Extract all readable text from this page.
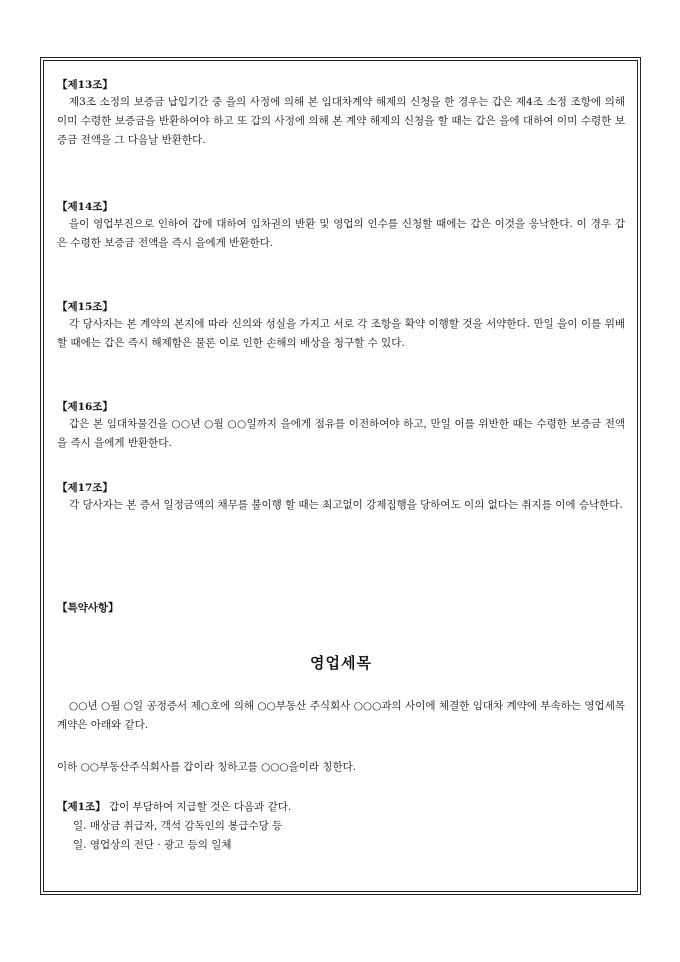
【제13조】

제3조 소정의 보증금 납입기간 중 을의 사정에 의해 본 임대차계약 해제의 신청을 한 경우는 갑은 제4조 소정 조항에 의해 이미 수령한 보증금을 반환하여야 하고 또 갑의 사정에 의해 본 계약 해제의 신청을 할 때는 갑은 을에 대하여 이미 수령한 보증금 전액을 그 다음날 반환한다.

【제14조】

을이 영업부진으로 인하여 갑에 대하여 임차권의 반환 및 영업의 인수를 신청할 때에는 갑은 이것을 응낙한다. 이 경우 갑은 수령한 보증금 전액을 즉시 을에게 반환한다.

【제15조】

각 당사자는 본 계약의 본지에 따라 신의와 성실을 가지고 서로 각 조항을 확약 이행할 것을 서약한다. 만일 을이 이를 위배할 때에는 갑은 즉시 해제함은 물론 이로 인한 손해의 배상을 청구할 수 있다.

【제16조】

갑은 본 임대차물건을 ○○년 ○월 ○○일까지 을에게 점유를 이전하여야 하고, 만일 이를 위반한 때는 수령한 보증금 전액을 즉시 을에게 반환한다.

【제17조】

각 당사자는 본 증서 일정금액의 채무를 불이행 할 때는 최고없이 강제집행을 당하여도 이의 없다는 취지를 이에 승낙한다.

【특약사항】
영업세목

○○년 ○월 ○일 공정증서 제○호에 의해 ○○부동산 주식회사 ○○○과의 사이에 체결한 임대차 계약에 부속하는 영업세목계약은 아래와 같다.

이하 ○○부동산주식회사를 갑이라 칭하고를 ○○○을이라 칭한다.

【제1조】 갑이 부담하여 지급할 것은 다음과 같다.

일. 매상금 취급자, 객석 감독인의 봉급수당 등

일. 영업상의 전단 · 광고 등의 일체
